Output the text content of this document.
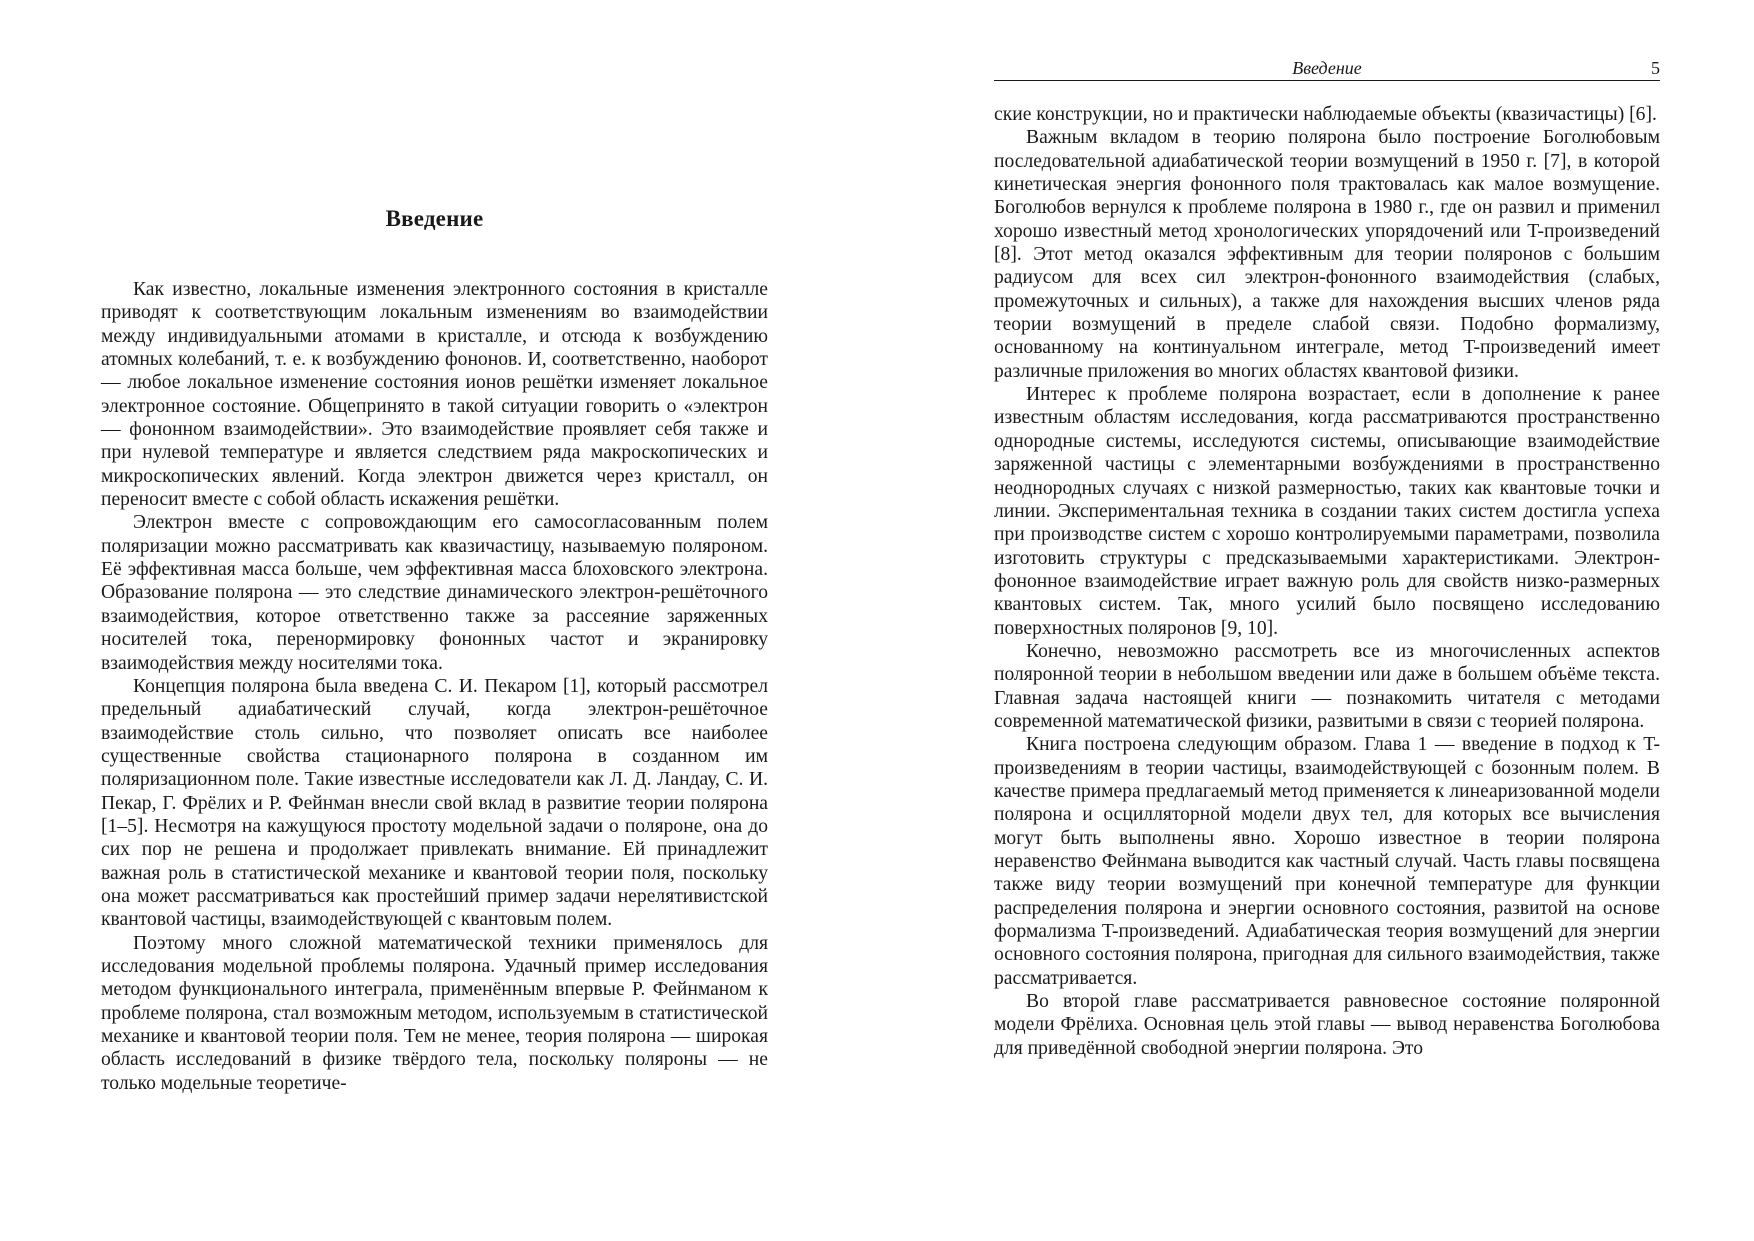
Введение

Как известно, локальные изменения электронного состояния в кристалле приводят к соответствующим локальным изменениям во взаимодействии между индивидуальными атомами в кристалле, и отсюда к возбуждению атомных колебаний, т. е. к возбуждению фононов. И, соответственно, наоборот — любое локальное изменение состояния ионов решётки изменяет локальное электронное состояние. Общепринято в такой ситуации говорить о «электрон — фононном взаимодействии». Это взаимодействие проявляет себя также и при нулевой температуре и является следствием ряда макроскопических и микроскопических явлений. Когда электрон движется через кристалл, он переносит вместе с собой область искажения решётки.

Электрон вместе с сопровождающим его самосогласованным полем поляризации можно рассматривать как квазичастицу, называемую поляроном. Её эффективная масса больше, чем эффективная масса блоховского электрона. Образование полярона — это следствие динамического электрон-решёточного взаимодействия, которое ответственно также за рассеяние заряженных носителей тока, перенормировку фононных частот и экранировку взаимодействия между носителями тока.

Концепция полярона была введена С. И. Пекаром [1], который рассмотрел предельный адиабатический случай, когда электрон-решёточное взаимодействие столь сильно, что позволяет описать все наиболее существенные свойства стационарного полярона в созданном им поляризационном поле. Такие известные исследователи как Л. Д. Ландау, С. И. Пекар, Г. Фрёлих и Р. Фейнман внесли свой вклад в развитие теории полярона [1–5]. Несмотря на кажущуюся простоту модельной задачи о поляроне, она до сих пор не решена и продолжает привлекать внимание. Ей принадлежит важная роль в статистической механике и квантовой теории поля, поскольку она может рассматриваться как простейший пример задачи нерелятивистской квантовой частицы, взаимодействующей с квантовым полем.

Поэтому много сложной математической техники применялось для исследования модельной проблемы полярона. Удачный пример исследования методом функционального интеграла, применённым впервые Р. Фейнманом к проблеме полярона, стал возможным методом, используемым в статистической механике и квантовой теории поля. Тем не менее, теория полярона — широкая область исследований в физике твёрдого тела, поскольку поляроны — не только модельные теоретиче-

Введение	5

ские конструкции, но и практически наблюдаемые объекты (квазичастицы) [6].

Важным вкладом в теорию полярона было построение Боголюбовым последовательной адиабатической теории возмущений в 1950 г. [7], в которой кинетическая энергия фононного поля трактовалась как малое возмущение. Боголюбов вернулся к проблеме полярона в 1980 г., где он развил и применил хорошо известный метод хронологических упорядочений или T-произведений [8]. Этот метод оказался эффективным для теории поляронов с большим радиусом для всех сил электрон-фононного взаимодействия (слабых, промежуточных и сильных), а также для нахождения высших членов ряда теории возмущений в пределе слабой связи. Подобно формализму, основанному на континуальном интеграле, метод T-произведений имеет различные приложения во многих областях квантовой физики.

Интерес к проблеме полярона возрастает, если в дополнение к ранее известным областям исследования, когда рассматриваются пространственно однородные системы, исследуются системы, описывающие взаимодействие заряженной частицы с элементарными возбуждениями в пространственно неоднородных случаях с низкой размерностью, таких как квантовые точки и линии. Экспериментальная техника в создании таких систем достигла успеха при производстве систем с хорошо контролируемыми параметрами, позволила изготовить структуры с предсказываемыми характеристиками. Электрон-фононное взаимодействие играет важную роль для свойств низко-размерных квантовых систем. Так, много усилий было посвящено исследованию поверхностных поляронов [9, 10].

Конечно, невозможно рассмотреть все из многочисленных аспектов поляронной теории в небольшом введении или даже в большем объёме текста. Главная задача настоящей книги — познакомить читателя с методами современной математической физики, развитыми в связи с теорией полярона.

Книга построена следующим образом. Глава 1 — введение в подход к T-произведениям в теории частицы, взаимодействующей с бозонным полем. В качестве примера предлагаемый метод применяется к линеаризованной модели полярона и осцилляторной модели двух тел, для которых все вычисления могут быть выполнены явно. Хорошо известное в теории полярона неравенство Фейнмана выводится как частный случай. Часть главы посвящена также виду теории возмущений при конечной температуре для функции распределения полярона и энергии основного состояния, развитой на основе формализма T-произведений. Адиабатическая теория возмущений для энергии основного состояния полярона, пригодная для сильного взаимодействия, также рассматривается.

Во второй главе рассматривается равновесное состояние поляронной модели Фрёлиха. Основная цель этой главы — вывод неравенства Боголюбова для приведённой свободной энергии полярона. Это
